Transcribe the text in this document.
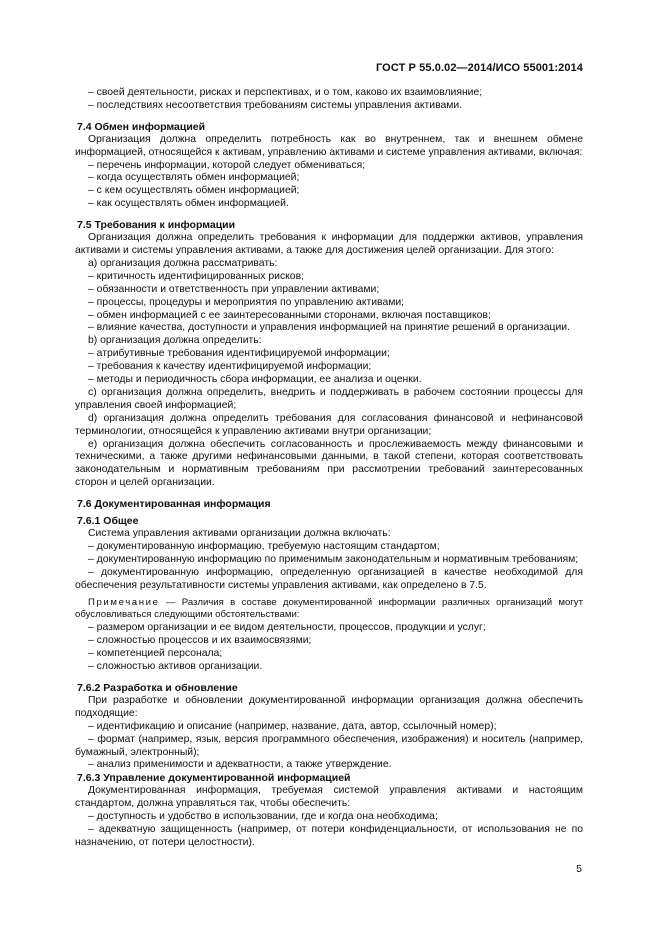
ГОСТ Р 55.0.02—2014/ИСО 55001:2014
– своей деятельности, рисках и перспективах, и о том, каково их взаимовлияние;
– последствиях несоответствия требованиям системы управления активами.
7.4 Обмен информацией
Организация должна определить потребность как во внутреннем, так и внешнем обмене информацией, относящейся к активам, управлению активами и системе управления активами, включая:
– перечень информации, которой следует обмениваться;
– когда осуществлять обмен информацией;
– с кем осуществлять обмен информацией;
– как осуществлять обмен информацией.
7.5 Требования к информации
Организация должна определить требования к информации для поддержки активов, управления активами и системы управления активами, а также для достижения целей организации. Для этого:
a) организация должна рассматривать:
– критичность идентифицированных рисков;
– обязанности и ответственность при управлении активами;
– процессы, процедуры и мероприятия по управлению активами;
– обмен информацией с ее заинтересованными сторонами, включая поставщиков;
– влияние качества, доступности и управления информацией на принятие решений в организации.
b) организация должна определить:
– атрибутивные требования идентифицируемой информации;
– требования к качеству идентифицируемой информации;
– методы и периодичность сбора информации, ее анализа и оценки.
c) организация должна определить, внедрить и поддерживать в рабочем состоянии процессы для управления своей информацией;
d) организация должна определить требования для согласования финансовой и нефинансовой терминологии, относящейся к управлению активами внутри организации;
e) организация должна обеспечить согласованность и прослеживаемость между финансовыми и техническими, а также другими нефинансовыми данными, в такой степени, которая соответствовать законодательным и нормативным требованиям при рассмотрении требований заинтересованных сторон и целей организации.
7.6 Документированная информация
7.6.1 Общее
Система управления активами организации должна включать:
– документированную информацию, требуемую настоящим стандартом;
– документированную информацию по применимым законодательным и нормативным требованиям;
– документированную информацию, определенную организацией в качестве необходимой для обеспечения результативности системы управления активами, как определено в 7.5.
Примечание — Различия в составе документированной информации различных организаций могут обусловливаться следующими обстоятельствами:
– размером организации и ее видом деятельности, процессов, продукции и услуг;
– сложностью процессов и их взаимосвязями;
– компетенцией персонала;
– сложностью активов организации.
7.6.2 Разработка и обновление
При разработке и обновлении документированной информации организация должна обеспечить подходящие:
– идентификацию и описание (например, название, дата, автор, ссылочный номер);
– формат (например, язык, версия программного обеспечения, изображения) и носитель (например, бумажный, электронный);
– анализ применимости и адекватности, а также утверждение.
7.6.3 Управление документированной информацией
Документированная информация, требуемая системой управления активами и настоящим стандартом, должна управляться так, чтобы обеспечить:
– доступность и удобство в использовании, где и когда она необходима;
– адекватную защищенность (например, от потери конфиденциальности, от использования не по назначению, от потери целостности).
5
